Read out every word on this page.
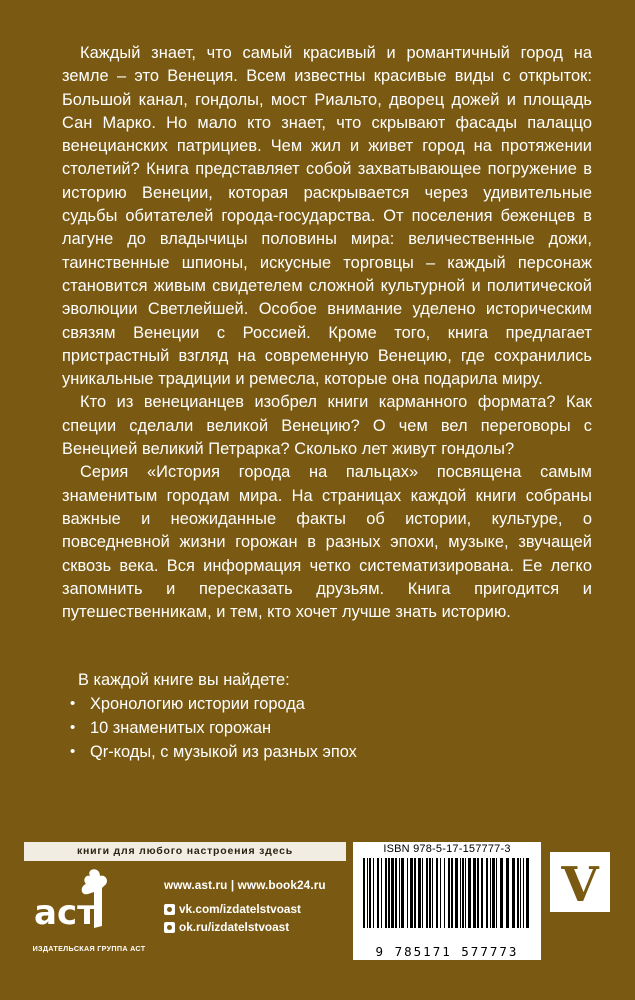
Каждый знает, что самый красивый и романтичный город на земле – это Венеция. Всем известны красивые виды с открыток: Большой канал, гондолы, мост Риальто, дворец дожей и площадь Сан Марко. Но мало кто знает, что скрывают фасады палаццо венецианских патрициев. Чем жил и живет город на протяжении столетий? Книга представляет собой захватывающее погружение в историю Венеции, которая раскрывается через удивительные судьбы обитателей города-государства. От поселения беженцев в лагуне до владычицы половины мира: величественные дожи, таинственные шпионы, искусные торговцы – каждый персонаж становится живым свидетелем сложной культурной и политической эволюции Светлейшей. Особое внимание уделено историческим связям Венеции с Россией. Кроме того, книга предлагает пристрастный взгляд на современную Венецию, где сохранились уникальные традиции и ремесла, которые она подарила миру.

Кто из венецианцев изобрел книги карманного формата? Как специи сделали великой Венецию? О чем вел переговоры с Венецией великий Петрарка? Сколько лет живут гондолы?

Серия «История города на пальцах» посвящена самым знаменитым городам мира. На страницах каждой книги собраны важные и неожиданные факты об истории, культуре, о повседневной жизни горожан в разных эпохи, музыке, звучащей сквозь века. Вся информация четко систематизирована. Ее легко запомнить и пересказать друзьям. Книга пригодится и путешественникам, и тем, кто хочет лучше знать историю.

В каждой книге вы найдете:

• Хронологию истории города
• 10 знаменитых горожан
• Qr-коды, с музыкой из разных эпох
книги для любого настроения здесь
аст
ИЗДАТЕЛЬСКАЯ ГРУППА АСТ
www.ast.ru | www.book24.ru
vk.com/izdatelstvoast
ok.ru/izdatelstvoast
ISBN 978-5-17-157777-3
9 785171 577773
V
